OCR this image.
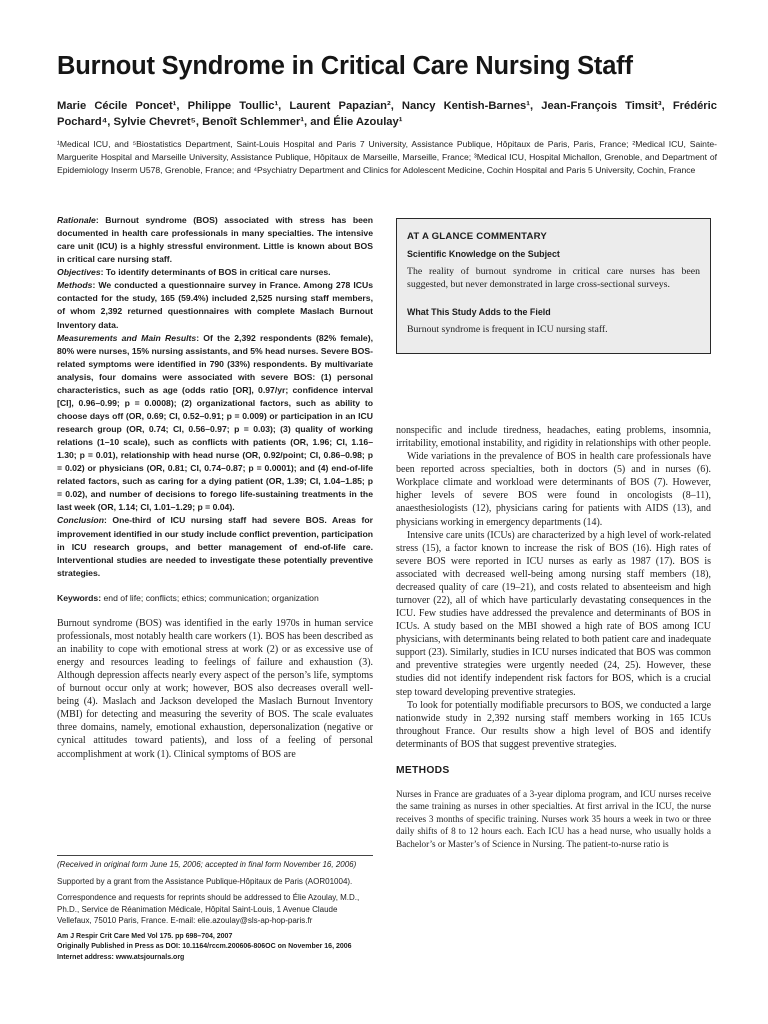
Burnout Syndrome in Critical Care Nursing Staff
Marie Cécile Poncet¹, Philippe Toullic¹, Laurent Papazian², Nancy Kentish-Barnes¹, Jean-François Timsit³, Frédéric Pochard⁴, Sylvie Chevret⁵, Benoît Schlemmer¹, and Élie Azoulay¹
¹Medical ICU, and ⁵Biostatistics Department, Saint-Louis Hospital and Paris 7 University, Assistance Publique, Hôpitaux de Paris, Paris, France; ²Medical ICU, Sainte-Marguerite Hospital and Marseille University, Assistance Publique, Hôpitaux de Marseille, Marseille, France; ³Medical ICU, Hospital Michallon, Grenoble, and Department of Epidemiology Inserm U578, Grenoble, France; and ⁴Psychiatry Department and Clinics for Adolescent Medicine, Cochin Hospital and Paris 5 University, Cochin, France

Rationale: Burnout syndrome (BOS) associated with stress has been documented in health care professionals in many specialties. The intensive care unit (ICU) is a highly stressful environment. Little is known about BOS in critical care nursing staff.

Objectives: To identify determinants of BOS in critical care nurses.

Methods: We conducted a questionnaire survey in France. Among 278 ICUs contacted for the study, 165 (59.4%) included 2,525 nursing staff members, of whom 2,392 returned questionnaires with complete Maslach Burnout Inventory data.

Measurements and Main Results: Of the 2,392 respondents (82% female), 80% were nurses, 15% nursing assistants, and 5% head nurses. Severe BOS-related symptoms were identified in 790 (33%) respondents. By multivariate analysis, four domains were associated with severe BOS: (1) personal characteristics, such as age (odds ratio [OR], 0.97/yr; confidence interval [CI], 0.96–0.99; p = 0.0008); (2) organizational factors, such as ability to choose days off (OR, 0.69; CI, 0.52–0.91; p = 0.009) or participation in an ICU research group (OR, 0.74; CI, 0.56–0.97; p = 0.03); (3) quality of working relations (1–10 scale), such as conflicts with patients (OR, 1.96; CI, 1.16–1.30; p = 0.01), relationship with head nurse (OR, 0.92/point; CI, 0.86–0.98; p = 0.02) or physicians (OR, 0.81; CI, 0.74–0.87; p = 0.0001); and (4) end-of-life related factors, such as caring for a dying patient (OR, 1.39; CI, 1.04–1.85; p = 0.02), and number of decisions to forego life-sustaining treatments in the last week (OR, 1.14; CI, 1.01–1.29; p = 0.04).

Conclusion: One-third of ICU nursing staff had severe BOS. Areas for improvement identified in our study include conflict prevention, participation in ICU research groups, and better management of end-of-life care. Interventional studies are needed to investigate these potentially preventive strategies.

Keywords: end of life; conflicts; ethics; communication; organization

Burnout syndrome (BOS) was identified in the early 1970s in human service professionals, most notably health care workers (1). BOS has been described as an inability to cope with emotional stress at work (2) or as excessive use of energy and resources leading to feelings of failure and exhaustion (3). Although depression affects nearly every aspect of the person’s life, symptoms of burnout occur only at work; however, BOS also decreases overall well-being (4). Maslach and Jackson developed the Maslach Burnout Inventory (MBI) for detecting and measuring the severity of BOS. The scale evaluates three domains, namely, emotional exhaustion, depersonalization (negative or cynical attitudes toward patients), and loss of a feeling of personal accomplishment at work (1). Clinical symptoms of BOS are

AT A GLANCE COMMENTARY
Scientific Knowledge on the Subject
The reality of burnout syndrome in critical care nurses has been suggested, but never demonstrated in large cross-sectional surveys.
What This Study Adds to the Field
Burnout syndrome is frequent in ICU nursing staff.

nonspecific and include tiredness, headaches, eating problems, insomnia, irritability, emotional instability, and rigidity in relationships with other people.

Wide variations in the prevalence of BOS in health care professionals have been reported across specialties, both in doctors (5) and in nurses (6). Workplace climate and workload were determinants of BOS (7). However, higher levels of severe BOS were found in oncologists (8–11), anaesthesiologists (12), physicians caring for patients with AIDS (13), and physicians working in emergency departments (14).

Intensive care units (ICUs) are characterized by a high level of work-related stress (15), a factor known to increase the risk of BOS (16). High rates of severe BOS were reported in ICU nurses as early as 1987 (17). BOS is associated with decreased well-being among nursing staff members (18), decreased quality of care (19–21), and costs related to absenteeism and high turnover (22), all of which have particularly devastating consequences in the ICU. Few studies have addressed the prevalence and determinants of BOS in ICUs. A study based on the MBI showed a high rate of BOS among ICU physicians, with determinants being related to both patient care and inadequate support (23). Similarly, studies in ICU nurses indicated that BOS was common and preventive strategies were urgently needed (24, 25). However, these studies did not identify independent risk factors for BOS, which is a crucial step toward developing preventive strategies.

To look for potentially modifiable precursors to BOS, we conducted a large nationwide study in 2,392 nursing staff members working in 165 ICUs throughout France. Our results show a high level of BOS and identify determinants of BOS that suggest preventive strategies.

METHODS

Nurses in France are graduates of a 3-year diploma program, and ICU nurses receive the same training as nurses in other specialties. At first arrival in the ICU, the nurse receives 3 months of specific training. Nurses work 35 hours a week in two or three daily shifts of 8 to 12 hours each. Each ICU has a head nurse, who usually holds a Bachelor’s or Master’s of Science in Nursing. The patient-to-nurse ratio is

(Received in original form June 15, 2006; accepted in final form November 16, 2006)

Supported by a grant from the Assistance Publique-Hôpitaux de Paris (AOR01004).

Correspondence and requests for reprints should be addressed to Élie Azoulay, M.D., Ph.D., Service de Réanimation Médicale, Hôpital Saint-Louis, 1 Avenue Claude Vellefaux, 75010 Paris, France. E-mail: elie.azoulay@sls-ap-hop-paris.fr

Am J Respir Crit Care Med Vol 175. pp 698–704, 2007

Originally Published in Press as DOI: 10.1164/rccm.200606-806OC on November 16, 2006

Internet address: www.atsjournals.org
